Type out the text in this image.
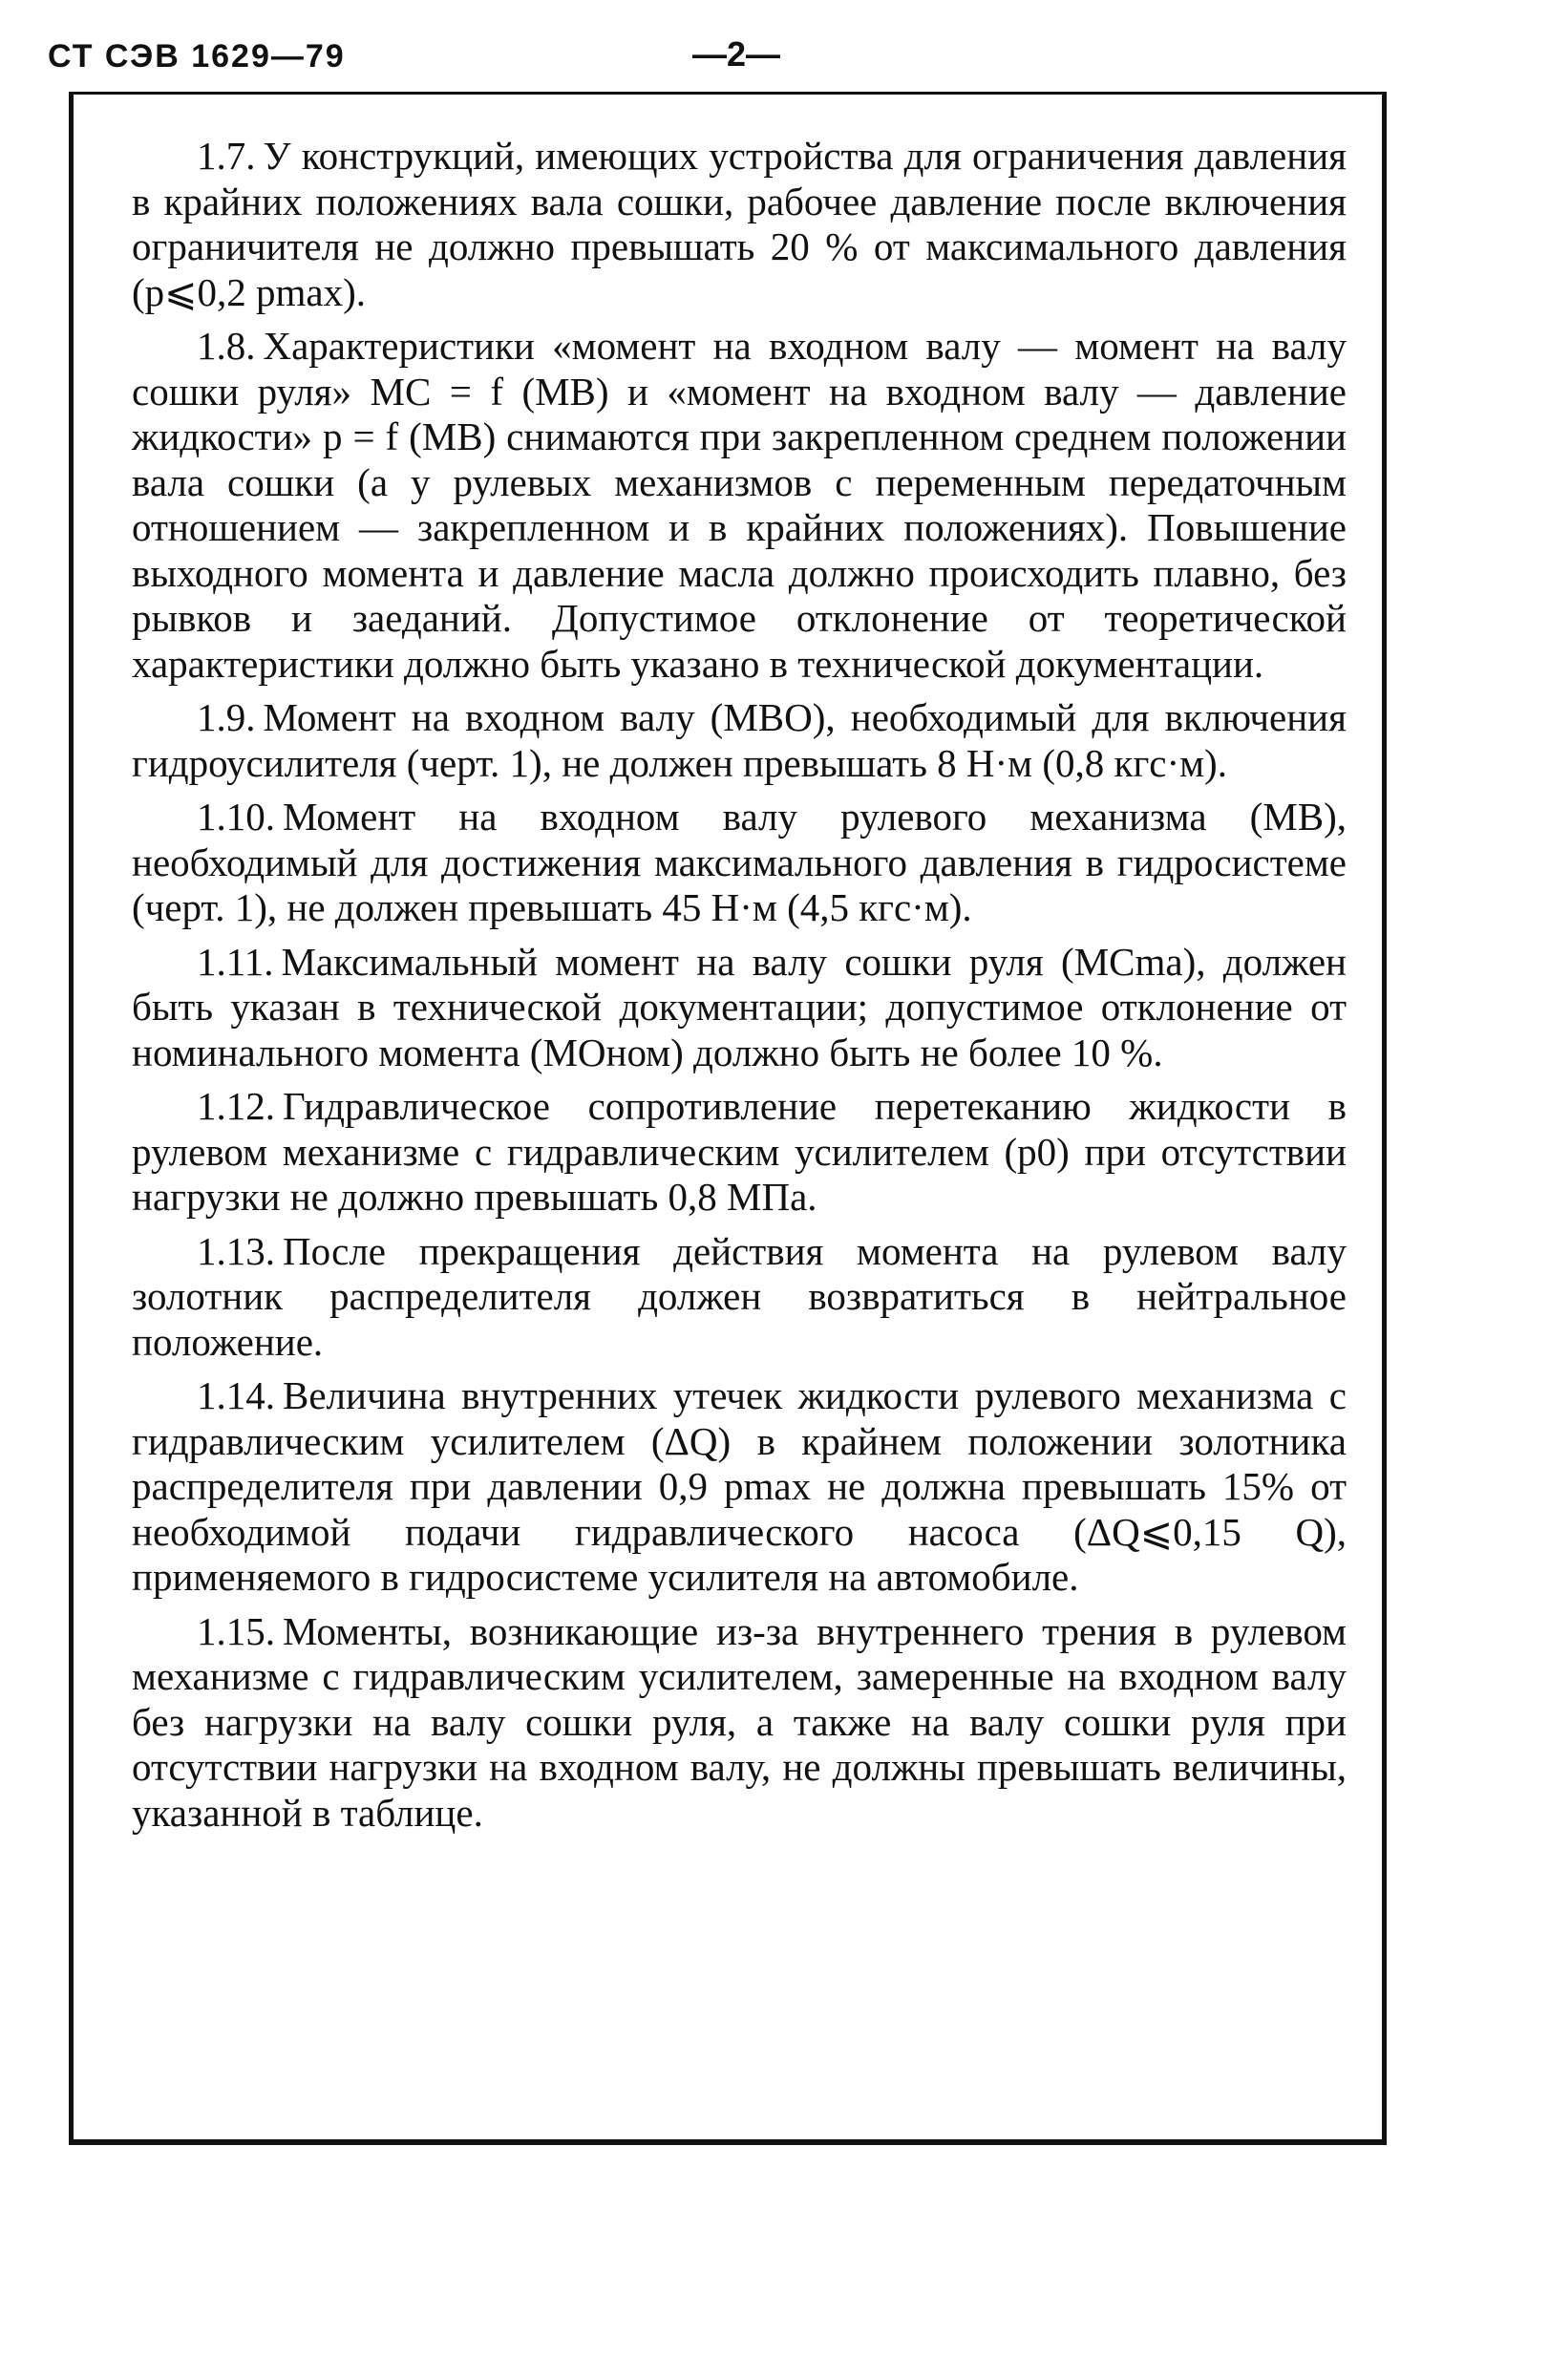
СТ СЭВ 1629—79	—2—

1.7. У конструкций, имеющих устройства для ограничения давления в крайних положениях вала сошки, рабочее давление после включения ограничителя не должно превышать 20 % от максимального давления (p⩽0,2 pmax).

1.8. Характеристики «момент на входном валу — момент на валу сошки руля» MC = f (MB) и «момент на входном валу — давление жидкости» p = f (MB) снимаются при закрепленном среднем положении вала сошки (а у рулевых механизмов с переменным передаточным отношением — закрепленном и в крайних положениях). Повышение выходного момента и давление масла должно происходить плавно, без рывков и заеданий. Допустимое отклонение от теоретической характеристики должно быть указано в технической документации.

1.9. Момент на входном валу (MBO), необходимый для включения гидроусилителя (черт. 1), не должен превышать 8 Н·м (0,8 кгс·м).

1.10. Момент на входном валу рулевого механизма (MB), необходимый для достижения максимального давления в гидросистеме (черт. 1), не должен превышать 45 Н·м (4,5 кгс·м).

1.11. Максимальный момент на валу сошки руля (MCma), должен быть указан в технической документации; допустимое отклонение от номинального момента (MOном) должно быть не более 10 %.

1.12. Гидравлическое сопротивление перетеканию жидкости в рулевом механизме с гидравлическим усилителем (p0) при отсутствии нагрузки не должно превышать 0,8 МПа.

1.13. После прекращения действия момента на рулевом валу золотник распределителя должен возвратиться в нейтральное положение.

1.14. Величина внутренних утечек жидкости рулевого механизма с гидравлическим усилителем (ΔQ) в крайнем положении золотника распределителя при давлении 0,9 pmax не должна превышать 15% от необходимой подачи гидравлического насоса (ΔQ⩽0,15 Q), применяемого в гидросистеме усилителя на автомобиле.

1.15. Моменты, возникающие из-за внутреннего трения в рулевом механизме с гидравлическим усилителем, замеренные на входном валу без нагрузки на валу сошки руля, а также на валу сошки руля при отсутствии нагрузки на входном валу, не должны превышать величины, указанной в таблице.
